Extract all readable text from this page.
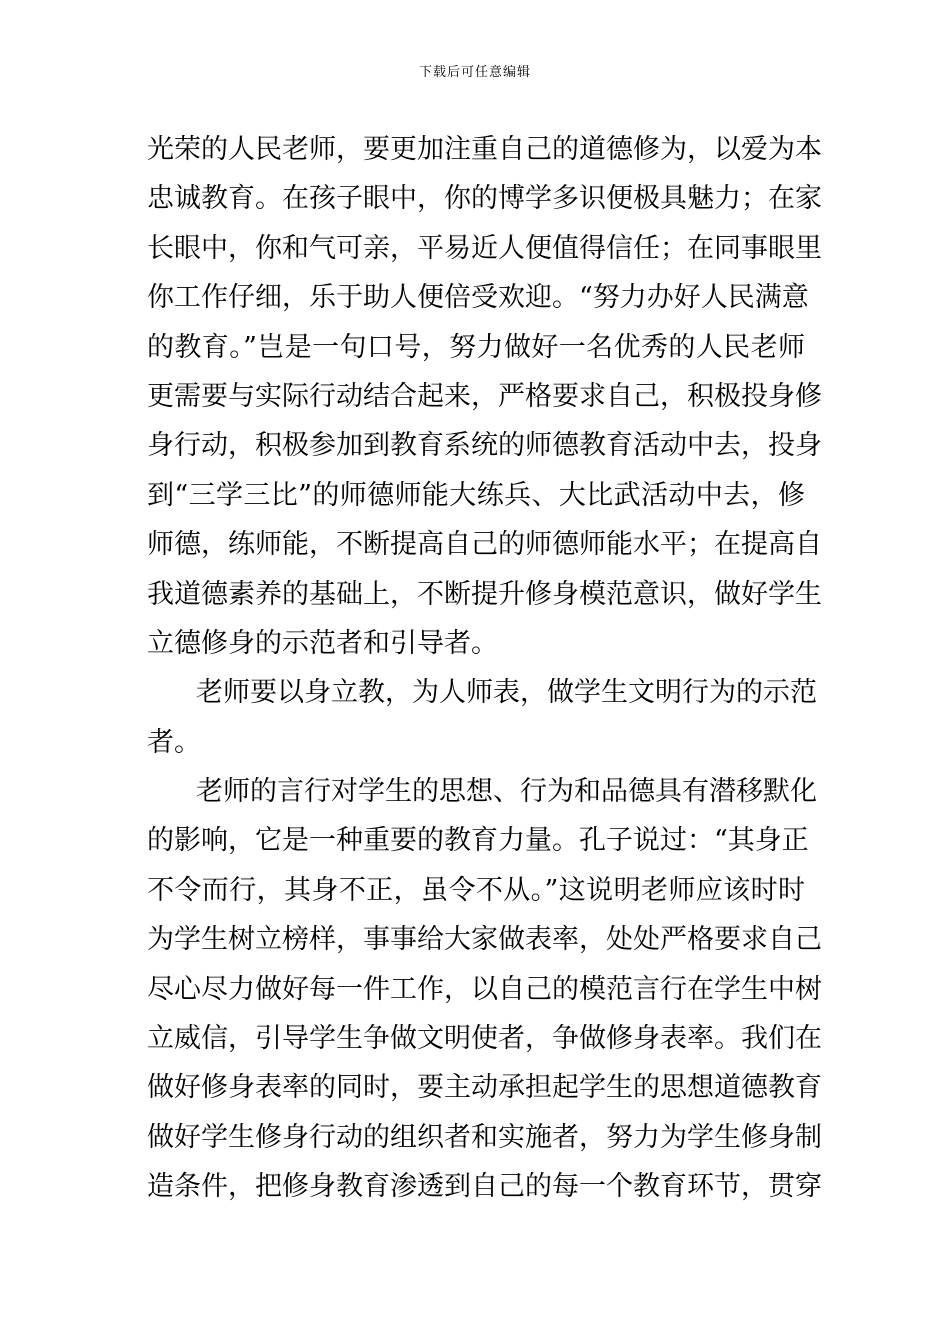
下载后可任意编辑
光荣的人民老师，要更加注重自己的道德修为，以爱为本
忠诚教育。在孩子眼中，你的博学多识便极具魅力；在家
长眼中，你和气可亲，平易近人便值得信任；在同事眼里
你工作仔细，乐于助人便倍受欢迎。“努力办好人民满意
的教育。”岂是一句口号，努力做好一名优秀的人民老师
更需要与实际行动结合起来，严格要求自己，积极投身修
身行动，积极参加到教育系统的师德教育活动中去，投身
到“三学三比”的师德师能大练兵、大比武活动中去，修
师德，练师能，不断提高自己的师德师能水平；在提高自
我道德素养的基础上，不断提升修身模范意识，做好学生
立德修身的示范者和引导者。
老师要以身立教，为人师表，做学生文明行为的示范
者。
老师的言行对学生的思想、行为和品德具有潜移默化
的影响，它是一种重要的教育力量。孔子说过：“其身正
不令而行，其身不正，虽令不从。”这说明老师应该时时
为学生树立榜样，事事给大家做表率，处处严格要求自己
尽心尽力做好每一件工作，以自己的模范言行在学生中树
立威信，引导学生争做文明使者，争做修身表率。我们在
做好修身表率的同时，要主动承担起学生的思想道德教育
做好学生修身行动的组织者和实施者，努力为学生修身制
造条件，把修身教育渗透到自己的每一个教育环节，贯穿
